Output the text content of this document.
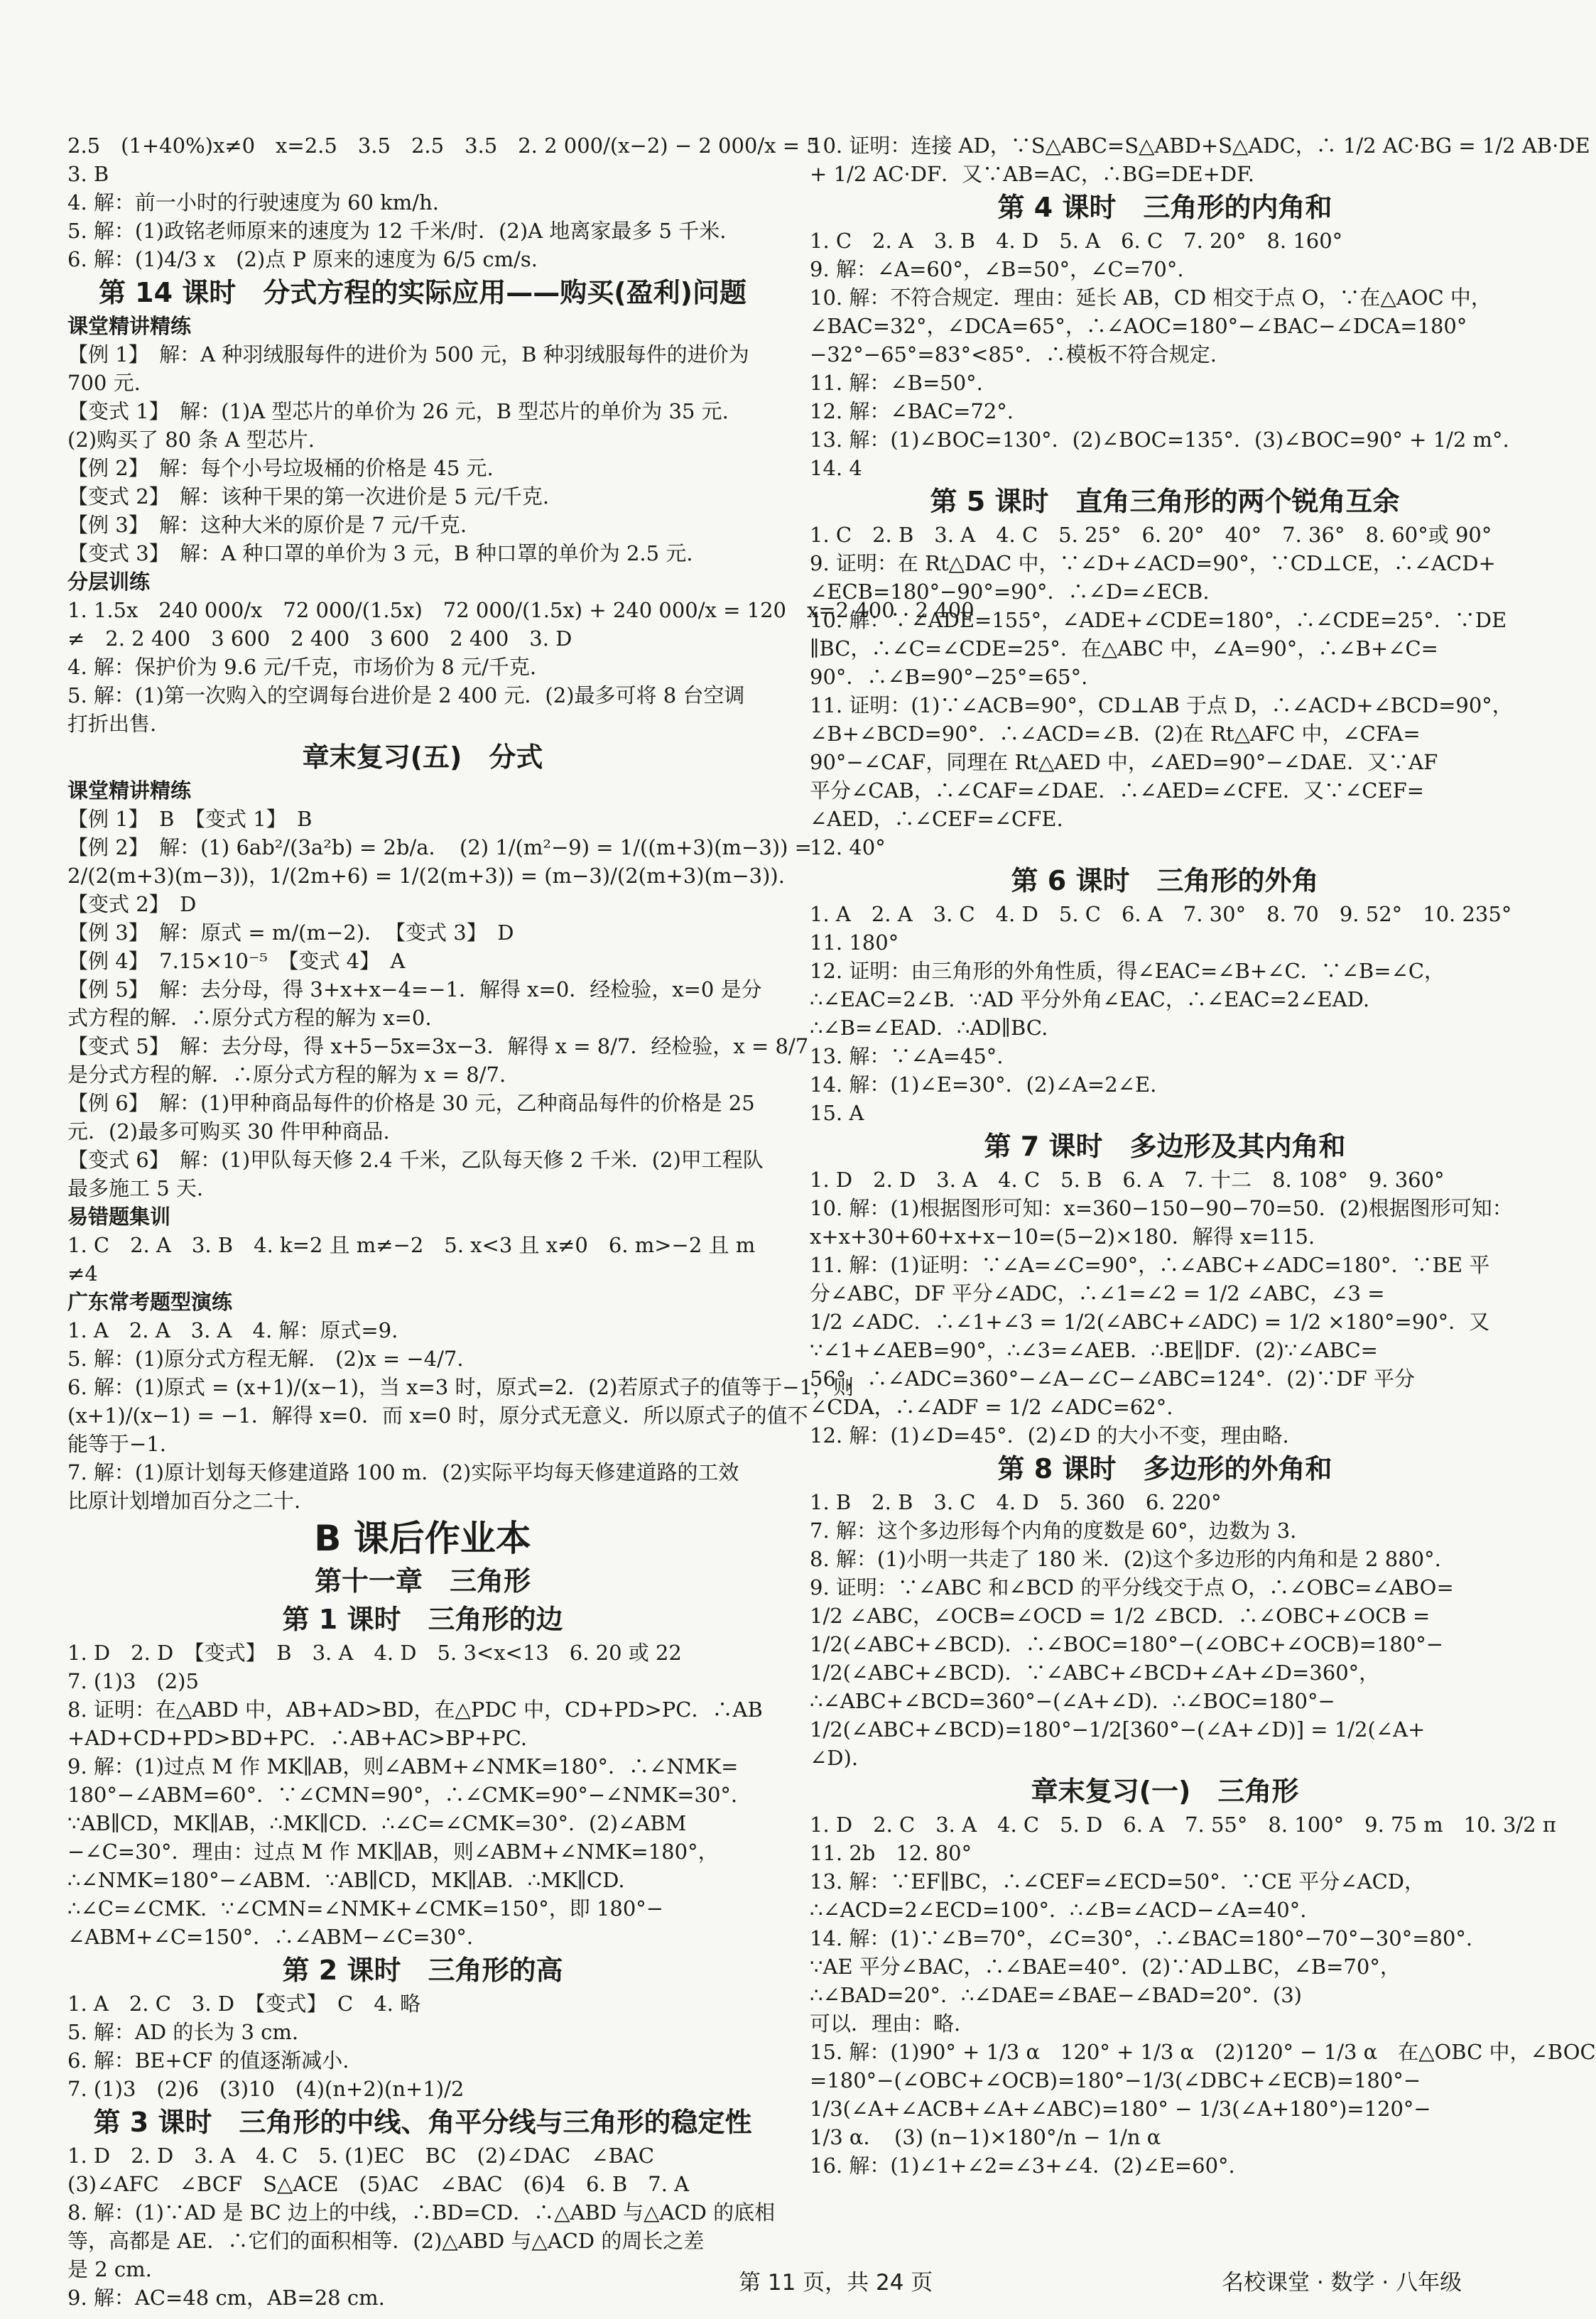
2.5　(1+40%)x≠0　x=2.5　3.5　2.5　3.5　2. 2 000/(x−2) − 2 000/x = 5
3. B
4. 解：前一小时的行驶速度为 60 km/h.
5. 解：(1)政铭老师原来的速度为 12 千米/时．(2)A 地离家最多 5 千米.
6. 解：(1)4/3 x　(2)点 P 原来的速度为 6/5 cm/s.
第 14 课时　分式方程的实际应用——购买(盈利)问题
课堂精讲精练
【例 1】　解：A 种羽绒服每件的进价为 500 元，B 种羽绒服每件的进价为
700 元.
【变式 1】　解：(1)A 型芯片的单价为 26 元，B 型芯片的单价为 35 元.
(2)购买了 80 条 A 型芯片.
【例 2】　解：每个小号垃圾桶的价格是 45 元.
【变式 2】　解：该种干果的第一次进价是 5 元/千克.
【例 3】　解：这种大米的原价是 7 元/千克.
【变式 3】　解：A 种口罩的单价为 3 元，B 种口罩的单价为 2.5 元.
分层训练
1. 1.5x　240 000/x　72 000/(1.5x)　72 000/(1.5x) + 240 000/x = 120　x=2 400　2 400
≠　2. 2 400　3 600　2 400　3 600　2 400　3. D
4. 解：保护价为 9.6 元/千克，市场价为 8 元/千克.
5. 解：(1)第一次购入的空调每台进价是 2 400 元．(2)最多可将 8 台空调
打折出售.
章末复习(五)　分式
课堂精讲精练
【例 1】　B　【变式 1】　B
【例 2】　解：(1) 6ab²/(3a²b) = 2b/a．　(2) 1/(m²−9) = 1/((m+3)(m−3)) =
2/(2(m+3)(m−3))，1/(2m+6) = 1/(2(m+3)) = (m−3)/(2(m+3)(m−3)).
【变式 2】　D
【例 3】　解：原式 = m/(m−2)．　【变式 3】　D
【例 4】　7.15×10⁻⁵　【变式 4】　A
【例 5】　解：去分母，得 3+x+x−4=−1．解得 x=0．经检验，x=0 是分
式方程的解．∴原分式方程的解为 x=0.
【变式 5】　解：去分母，得 x+5−5x=3x−3．解得 x = 8/7．经检验，x = 8/7
是分式方程的解．∴原分式方程的解为 x = 8/7.
【例 6】　解：(1)甲种商品每件的价格是 30 元，乙种商品每件的价格是 25
元．(2)最多可购买 30 件甲种商品.
【变式 6】　解：(1)甲队每天修 2.4 千米，乙队每天修 2 千米．(2)甲工程队
最多施工 5 天.
易错题集训
1. C　2. A　3. B　4. k=2 且 m≠−2　5. x<3 且 x≠0　6. m>−2 且 m
≠4
广东常考题型演练
1. A　2. A　3. A　4. 解：原式=9.
5. 解：(1)原分式方程无解.　(2)x = −4/7.
6. 解：(1)原式 = (x+1)/(x−1)，当 x=3 时，原式=2．(2)若原式子的值等于−1，则
(x+1)/(x−1) = −1．解得 x=0．而 x=0 时，原分式无意义．所以原式子的值不
能等于−1.
7. 解：(1)原计划每天修建道路 100 m．(2)实际平均每天修建道路的工效
比原计划增加百分之二十.
B 课后作业本
第十一章　三角形
第 1 课时　三角形的边
1. D　2. D　【变式】　B　3. A　4. D　5. 3<x<13　6. 20 或 22
7. (1)3　(2)5
8. 证明：在△ABD 中，AB+AD>BD，在△PDC 中，CD+PD>PC．∴AB
+AD+CD+PD>BD+PC．∴AB+AC>BP+PC.
9. 解：(1)过点 M 作 MK∥AB，则∠ABM+∠NMK=180°．∴∠NMK=
180°−∠ABM=60°．∵∠CMN=90°，∴∠CMK=90°−∠NMK=30°.
∵AB∥CD，MK∥AB，∴MK∥CD．∴∠C=∠CMK=30°．(2)∠ABM
−∠C=30°．理由：过点 M 作 MK∥AB，则∠ABM+∠NMK=180°，
∴∠NMK=180°−∠ABM．∵AB∥CD，MK∥AB．∴MK∥CD.
∴∠C=∠CMK．∵∠CMN=∠NMK+∠CMK=150°，即 180°−
∠ABM+∠C=150°．∴∠ABM−∠C=30°.
第 2 课时　三角形的高
1. A　2. C　3. D　【变式】　C　4. 略
5. 解：AD 的长为 3 cm.
6. 解：BE+CF 的值逐渐减小.
7. (1)3　(2)6　(3)10　(4)(n+2)(n+1)/2
第 3 课时　三角形的中线、角平分线与三角形的稳定性
1. D　2. D　3. A　4. C　5. (1)EC　BC　(2)∠DAC　∠BAC
(3)∠AFC　∠BCF　S△ACE　(5)AC　∠BAC　(6)4　6. B　7. A
8. 解：(1)∵AD 是 BC 边上的中线，∴BD=CD．∴△ABD 与△ACD 的底相
等，高都是 AE．∴它们的面积相等．(2)△ABD 与△ACD 的周长之差
是 2 cm.
9. 解：AC=48 cm，AB=28 cm.
10. 证明：连接 AD，∵S△ABC=S△ABD+S△ADC，∴ 1/2 AC·BG = 1/2 AB·DE
+ 1/2 AC·DF．又∵AB=AC，∴BG=DE+DF.
第 4 课时　三角形的内角和
1. C　2. A　3. B　4. D　5. A　6. C　7. 20°　8. 160°
9. 解：∠A=60°，∠B=50°，∠C=70°.
10. 解：不符合规定．理由：延长 AB，CD 相交于点 O，∵在△AOC 中，
∠BAC=32°，∠DCA=65°，∴∠AOC=180°−∠BAC−∠DCA=180°
−32°−65°=83°<85°．∴模板不符合规定.
11. 解：∠B=50°.
12. 解：∠BAC=72°.
13. 解：(1)∠BOC=130°．(2)∠BOC=135°．(3)∠BOC=90° + 1/2 m°.
14. 4
第 5 课时　直角三角形的两个锐角互余
1. C　2. B　3. A　4. C　5. 25°　6. 20°　40°　7. 36°　8. 60°或 90°
9. 证明：在 Rt△DAC 中，∵∠D+∠ACD=90°，∵CD⊥CE，∴∠ACD+
∠ECB=180°−90°=90°．∴∠D=∠ECB.
10. 解：∵∠ADE=155°，∠ADE+∠CDE=180°，∴∠CDE=25°．∵DE
∥BC，∴∠C=∠CDE=25°．在△ABC 中，∠A=90°，∴∠B+∠C=
90°．∴∠B=90°−25°=65°.
11. 证明：(1)∵∠ACB=90°，CD⊥AB 于点 D，∴∠ACD+∠BCD=90°，
∠B+∠BCD=90°．∴∠ACD=∠B．(2)在 Rt△AFC 中，∠CFA=
90°−∠CAF，同理在 Rt△AED 中，∠AED=90°−∠DAE．又∵AF
平分∠CAB，∴∠CAF=∠DAE．∴∠AED=∠CFE．又∵∠CEF=
∠AED，∴∠CEF=∠CFE.
12. 40°
第 6 课时　三角形的外角
1. A　2. A　3. C　4. D　5. C　6. A　7. 30°　8. 70　9. 52°　10. 235°
11. 180°
12. 证明：由三角形的外角性质，得∠EAC=∠B+∠C．∵∠B=∠C，
∴∠EAC=2∠B．∵AD 平分外角∠EAC，∴∠EAC=2∠EAD.
∴∠B=∠EAD．∴AD∥BC.
13. 解：∵∠A=45°.
14. 解：(1)∠E=30°．(2)∠A=2∠E.
15. A
第 7 课时　多边形及其内角和
1. D　2. D　3. A　4. C　5. B　6. A　7. 十二　8. 108°　9. 360°
10. 解：(1)根据图形可知：x=360−150−90−70=50．(2)根据图形可知：
x+x+30+60+x+x−10=(5−2)×180．解得 x=115.
11. 解：(1)证明：∵∠A=∠C=90°，∴∠ABC+∠ADC=180°．∵BE 平
分∠ABC，DF 平分∠ADC，∴∠1=∠2 = 1/2 ∠ABC，∠3 =
1/2 ∠ADC．∴∠1+∠3 = 1/2(∠ABC+∠ADC) = 1/2 ×180°=90°．又
∵∠1+∠AEB=90°，∴∠3=∠AEB．∴BE∥DF．(2)∵∠ABC=
56°，∴∠ADC=360°−∠A−∠C−∠ABC=124°．(2)∵DF 平分
∠CDA，∴∠ADF = 1/2 ∠ADC=62°.
12. 解：(1)∠D=45°．(2)∠D 的大小不变，理由略.
第 8 课时　多边形的外角和
1. B　2. B　3. C　4. D　5. 360　6. 220°
7. 解：这个多边形每个内角的度数是 60°，边数为 3.
8. 解：(1)小明一共走了 180 米．(2)这个多边形的内角和是 2 880°.
9. 证明：∵∠ABC 和∠BCD 的平分线交于点 O，∴∠OBC=∠ABO=
1/2 ∠ABC，∠OCB=∠OCD = 1/2 ∠BCD．∴∠OBC+∠OCB =
1/2(∠ABC+∠BCD)．∴∠BOC=180°−(∠OBC+∠OCB)=180°−
1/2(∠ABC+∠BCD)．∵∠ABC+∠BCD+∠A+∠D=360°，
∴∠ABC+∠BCD=360°−(∠A+∠D)．∴∠BOC=180°−
1/2(∠ABC+∠BCD)=180°−1/2[360°−(∠A+∠D)] = 1/2(∠A+
∠D).
章末复习(一)　三角形
1. D　2. C　3. A　4. C　5. D　6. A　7. 55°　8. 100°　9. 75 m　10. 3/2 π
11. 2b　12. 80°
13. 解：∵EF∥BC，∴∠CEF=∠ECD=50°．∵CE 平分∠ACD，
∴∠ACD=2∠ECD=100°．∴∠B=∠ACD−∠A=40°.
14. 解：(1)∵∠B=70°，∠C=30°，∴∠BAC=180°−70°−30°=80°.
∵AE 平分∠BAC，∴∠BAE=40°．(2)∵AD⊥BC，∠B=70°，
∴∠BAD=20°．∴∠DAE=∠BAE−∠BAD=20°．(3)
可以．理由：略.
15. 解：(1)90° + 1/3 α　120° + 1/3 α　(2)120° − 1/3 α　在△OBC 中，∠BOC
=180°−(∠OBC+∠OCB)=180°−1/3(∠DBC+∠ECB)=180°−
1/3(∠A+∠ACB+∠A+∠ABC)=180° − 1/3(∠A+180°)=120°−
1/3 α．　(3) (n−1)×180°/n − 1/n α
16. 解：(1)∠1+∠2=∠3+∠4．(2)∠E=60°.
第 11 页，共 24 页	名校课堂 · 数学 · 八年级
